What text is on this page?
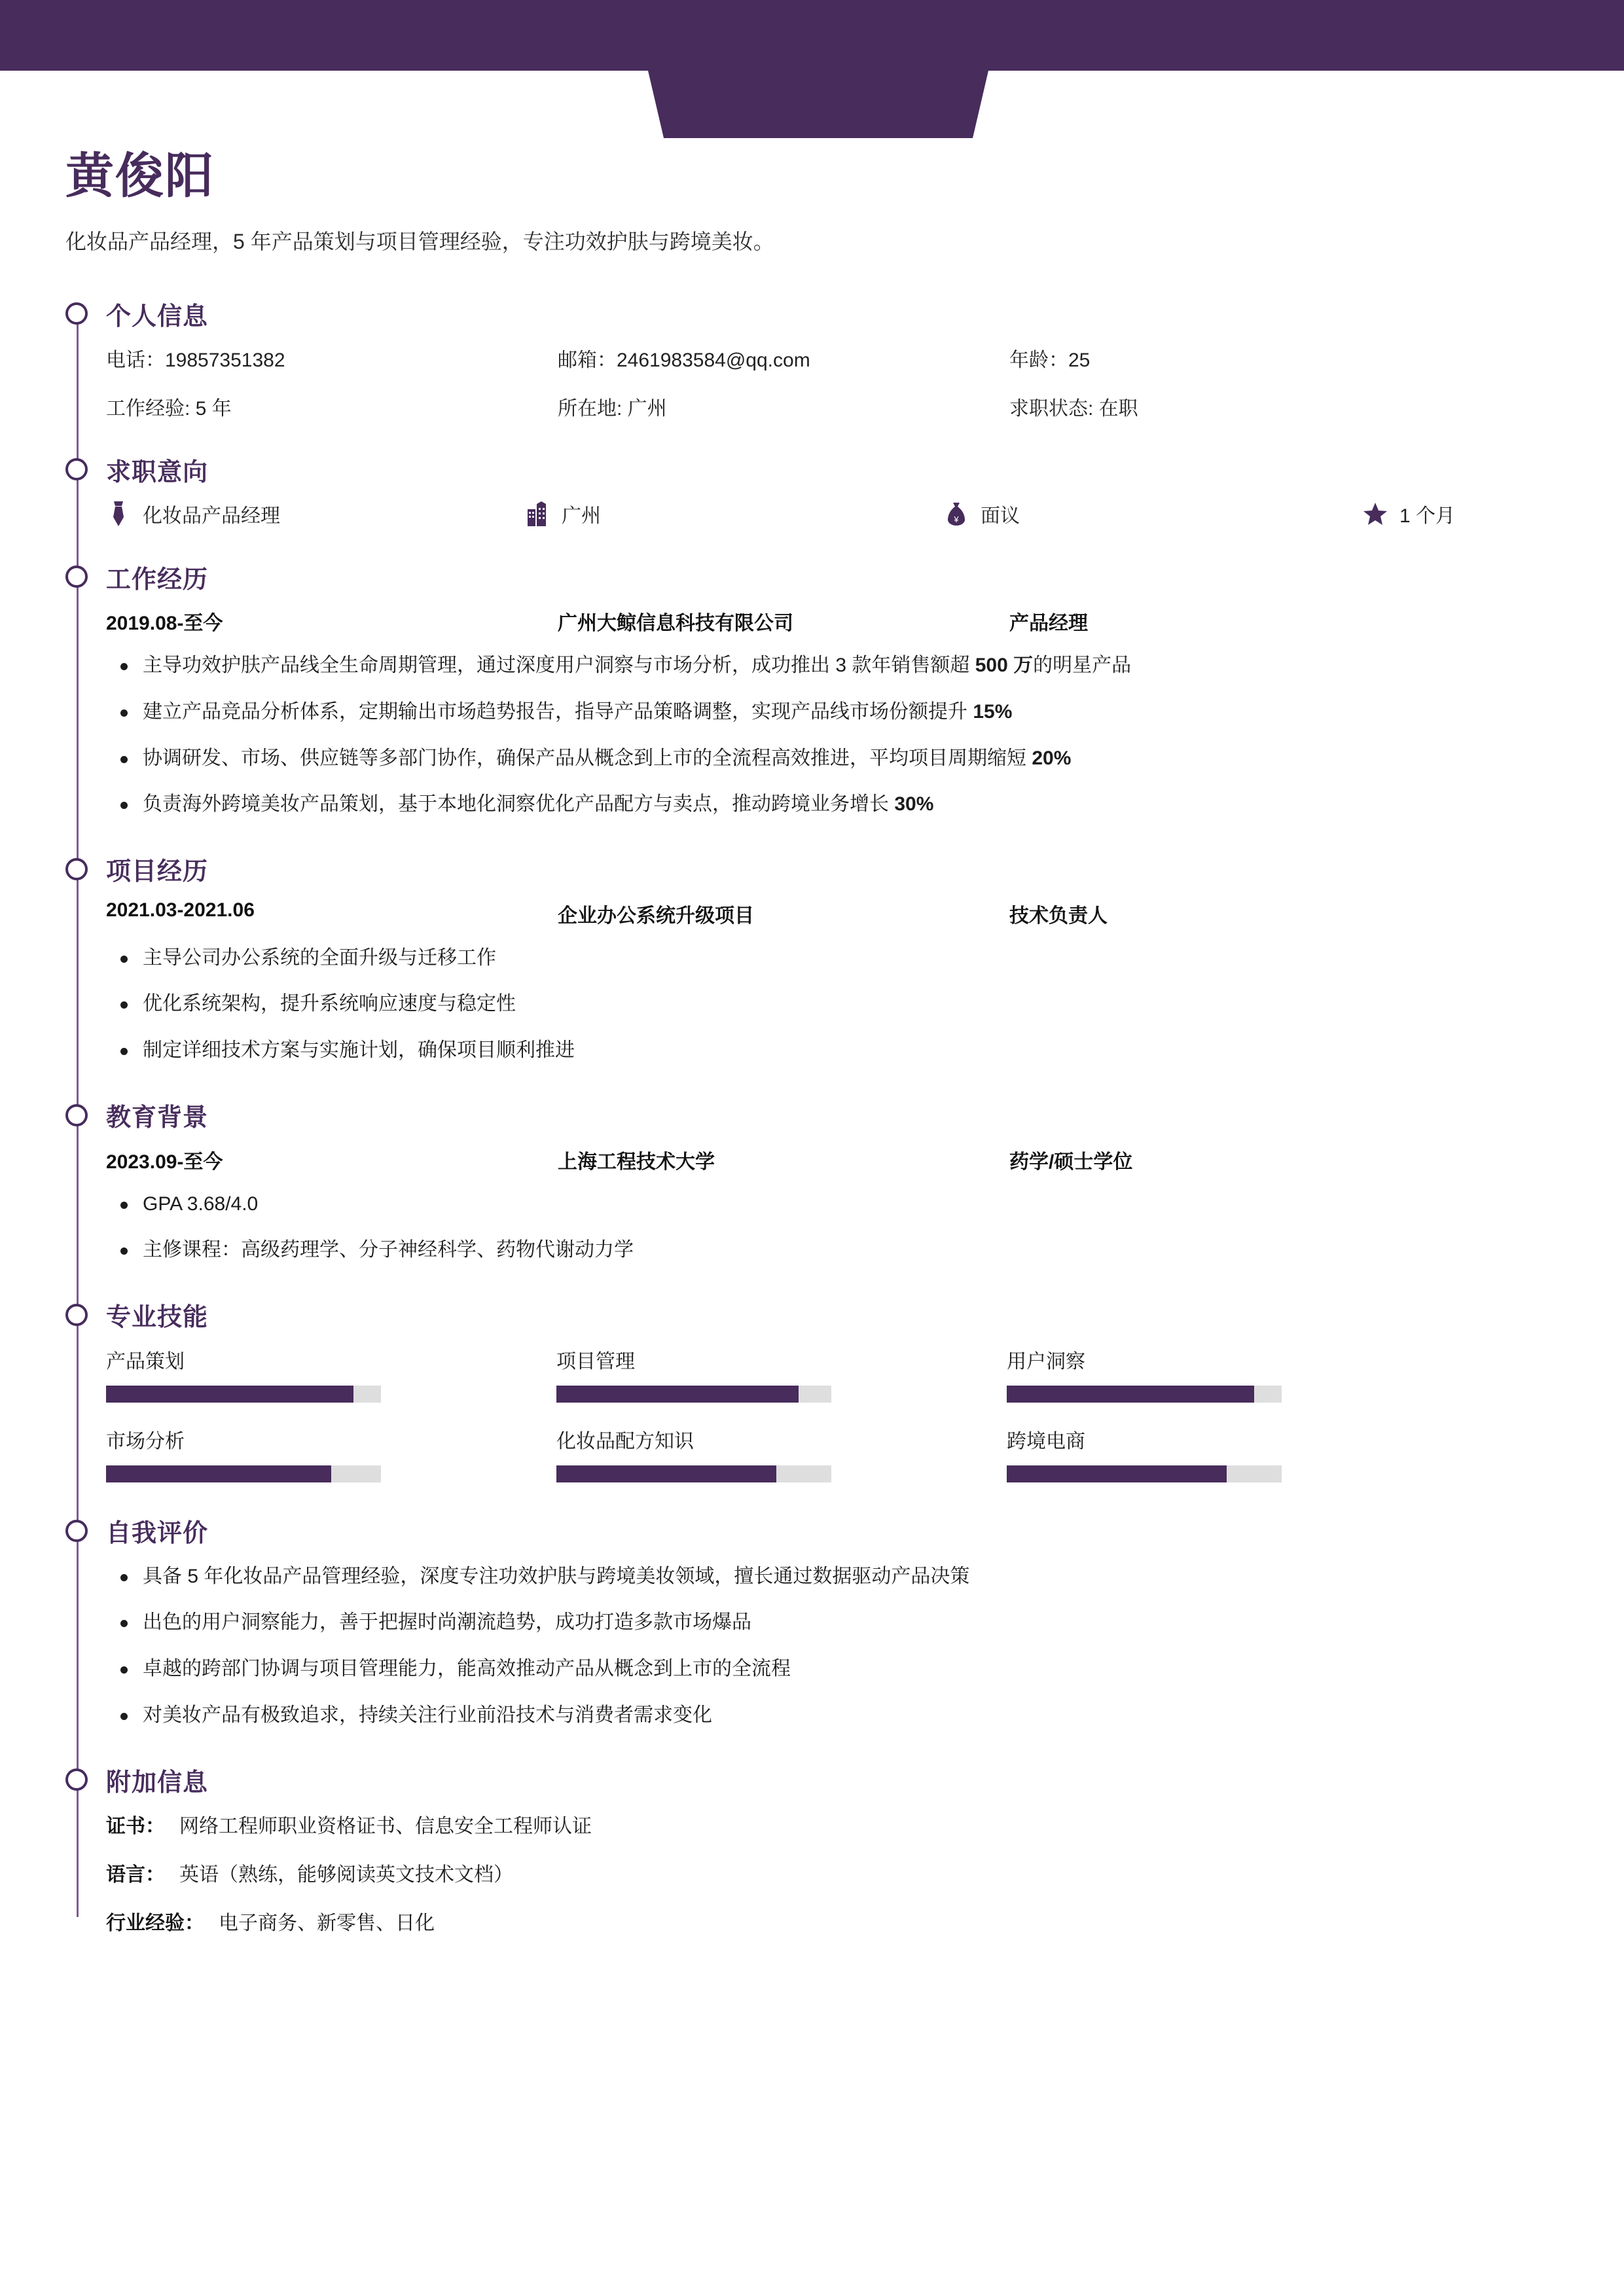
黄俊阳
化妆品产品经理，5 年产品策划与项目管理经验，专注功效护肤与跨境美妆。
个人信息
电话：19857351382	邮箱：2461983584@qq.com	年龄：25
工作经验: 5 年	所在地: 广州	求职状态: 在职
求职意向
化妆品产品经理	广州	¥ 面议	1 个月
工作经历
2019.08-至今	广州大鲸信息科技有限公司	产品经理
主导功效护肤产品线全生命周期管理，通过深度用户洞察与市场分析，成功推出 3 款年销售额超 500 万的明星产品
建立产品竞品分析体系，定期输出市场趋势报告，指导产品策略调整，实现产品线市场份额提升 15%
协调研发、市场、供应链等多部门协作，确保产品从概念到上市的全流程高效推进，平均项目周期缩短 20%
负责海外跨境美妆产品策划，基于本地化洞察优化产品配方与卖点，推动跨境业务增长 30%
项目经历
2021.03-2021.06	企业办公系统升级项目	技术负责人
主导公司办公系统的全面升级与迁移工作
优化系统架构，提升系统响应速度与稳定性
制定详细技术方案与实施计划，确保项目顺利推进
教育背景
2023.09-至今	上海工程技术大学	药学/硕士学位
GPA 3.68/4.0
主修课程：高级药理学、分子神经科学、药物代谢动力学
专业技能
产品策划	项目管理	用户洞察
市场分析	化妆品配方知识	跨境电商
自我评价
具备 5 年化妆品产品管理经验，深度专注功效护肤与跨境美妆领域，擅长通过数据驱动产品决策
出色的用户洞察能力，善于把握时尚潮流趋势，成功打造多款市场爆品
卓越的跨部门协调与项目管理能力，能高效推动产品从概念到上市的全流程
对美妆产品有极致追求，持续关注行业前沿技术与消费者需求变化
附加信息
证书： 网络工程师职业资格证书、信息安全工程师认证
语言： 英语（熟练，能够阅读英文技术文档）
行业经验： 电子商务、新零售、日化
